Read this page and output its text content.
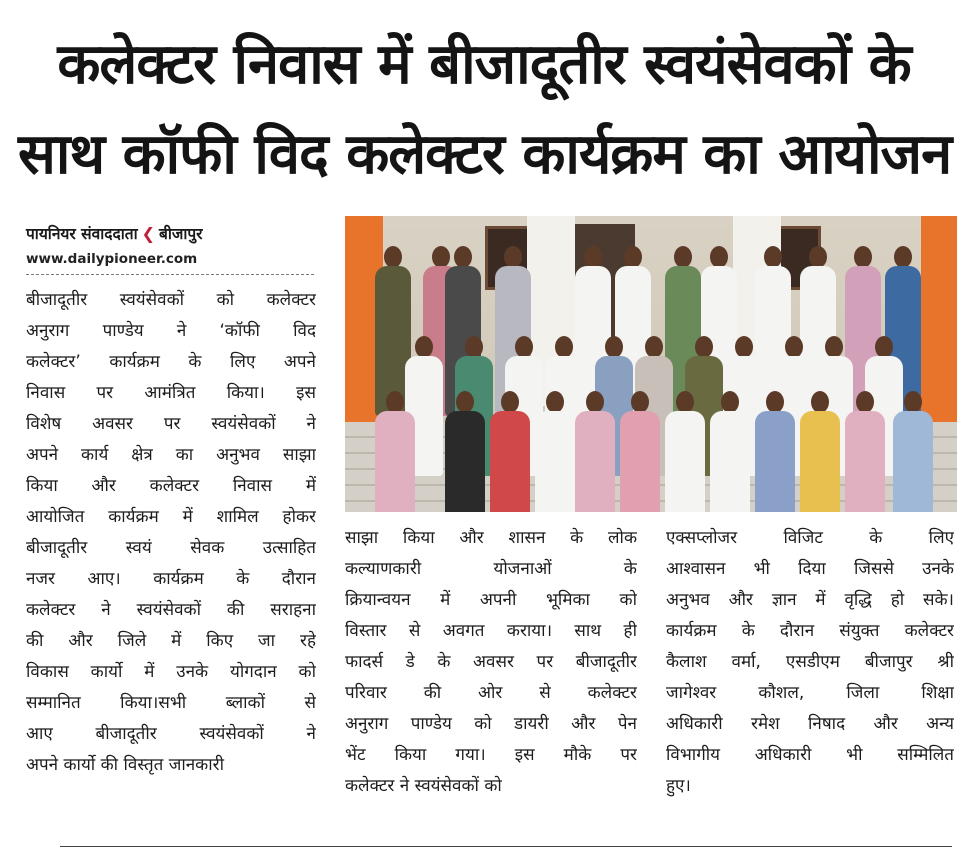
कलेक्टर निवास में बीजादूतीर स्वयंसेवकों के
साथ कॉफी विद कलेक्टर कार्यक्रम का आयोजन
पायनियर संवाददाता ❮ बीजापुर
www.dailypioneer.com
बीजादूतीर स्वयंसेवकों को कलेक्टर
अनुराग पाण्डेय ने ‘कॉफी विद
कलेक्टर’ कार्यक्रम के लिए अपने
निवास पर आमंत्रित किया। इस
विशेष अवसर पर स्वयंसेवकों ने
अपने कार्य क्षेत्र का अनुभव साझा
किया और कलेक्टर निवास में
आयोजित कार्यक्रम में शामिल होकर
बीजादूतीर स्वयं सेवक उत्साहित
नजर आए। कार्यक्रम के दौरान
कलेक्टर ने स्वयंसेवकों की सराहना
की और जिले में किए जा रहे
विकास कार्यो में उनके योगदान को
सम्मानित किया।सभी ब्लाकों से
आए बीजादूतीर स्वयंसेवकों ने
अपने कार्यो की विस्तृत जानकारी
साझा किया और शासन के लोक
कल्याणकारी योजनाओं के
क्रियान्वयन में अपनी भूमिका को
विस्तार से अवगत कराया। साथ ही
फादर्स डे के अवसर पर बीजादूतीर
परिवार की ओर से कलेक्टर
अनुराग पाण्डेय को डायरी और पेन
भेंट किया गया। इस मौके पर
कलेक्टर ने स्वयंसेवकों को
एक्सप्लोजर विजिट के लिए
आश्वासन भी दिया जिससे उनके
अनुभव और ज्ञान में वृद्धि हो सके।
कार्यक्रम के दौरान संयुक्त कलेक्टर
कैलाश वर्मा, एसडीएम बीजापुर श्री
जागेश्वर कौशल, जिला शिक्षा
अधिकारी रमेश निषाद और अन्य
विभागीय अधिकारी भी सम्मिलित
हुए।
